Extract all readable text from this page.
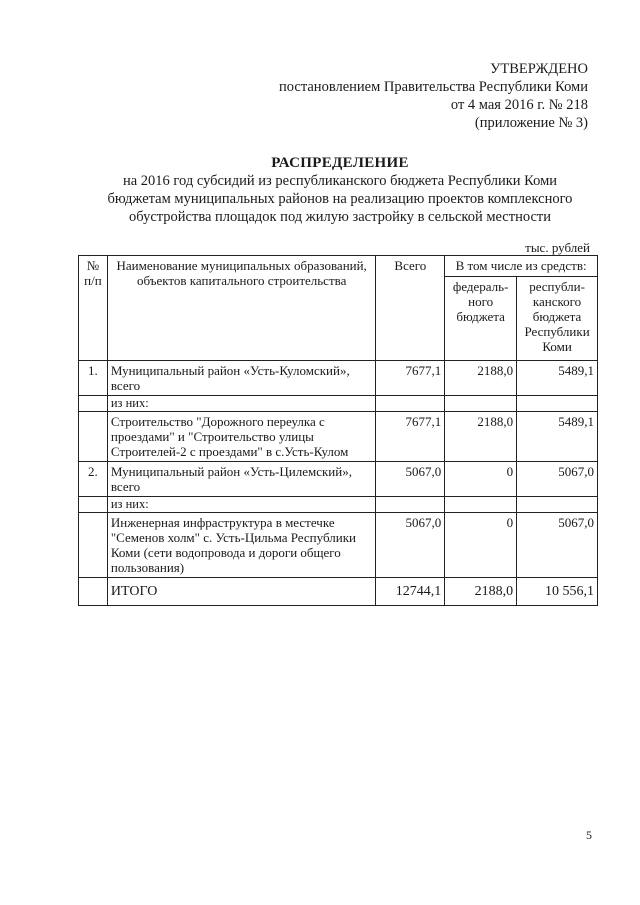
УТВЕРЖДЕНО
постановлением Правительства Республики Коми
от 4 мая 2016 г. № 218
(приложение № 3)
РАСПРЕДЕЛЕНИЕ
на 2016 год субсидий из республиканского бюджета Республики Коми
бюджетам муниципальных районов на реализацию проектов комплексного
обустройства площадок под жилую застройку в сельской местности
тыс. рублей
№ п/п	Наименование муниципальных образований, объектов капитального строительства	Всего	В том числе из средств:	
			федераль-ного бюджета	республи-канского бюджета Республики Коми
1.	Муниципальный район «Усть-Куломский», всего	7677,1	2188,0	5489,1
	из них:			
	Строительство "Дорожного переулка с проездами" и "Строительство улицы Строителей-2 с проездами" в с.Усть-Кулом	7677,1	2188,0	5489,1
2.	Муниципальный район «Усть-Цилемский», всего	5067,0	0	5067,0
	из них:			
	Инженерная инфраструктура в местечке "Семенов холм" с. Усть-Цильма Республики Коми (сети водопровода и дороги общего пользования)	5067,0	0	5067,0
	ИТОГО	12744,1	2188,0	10 556,1
5
